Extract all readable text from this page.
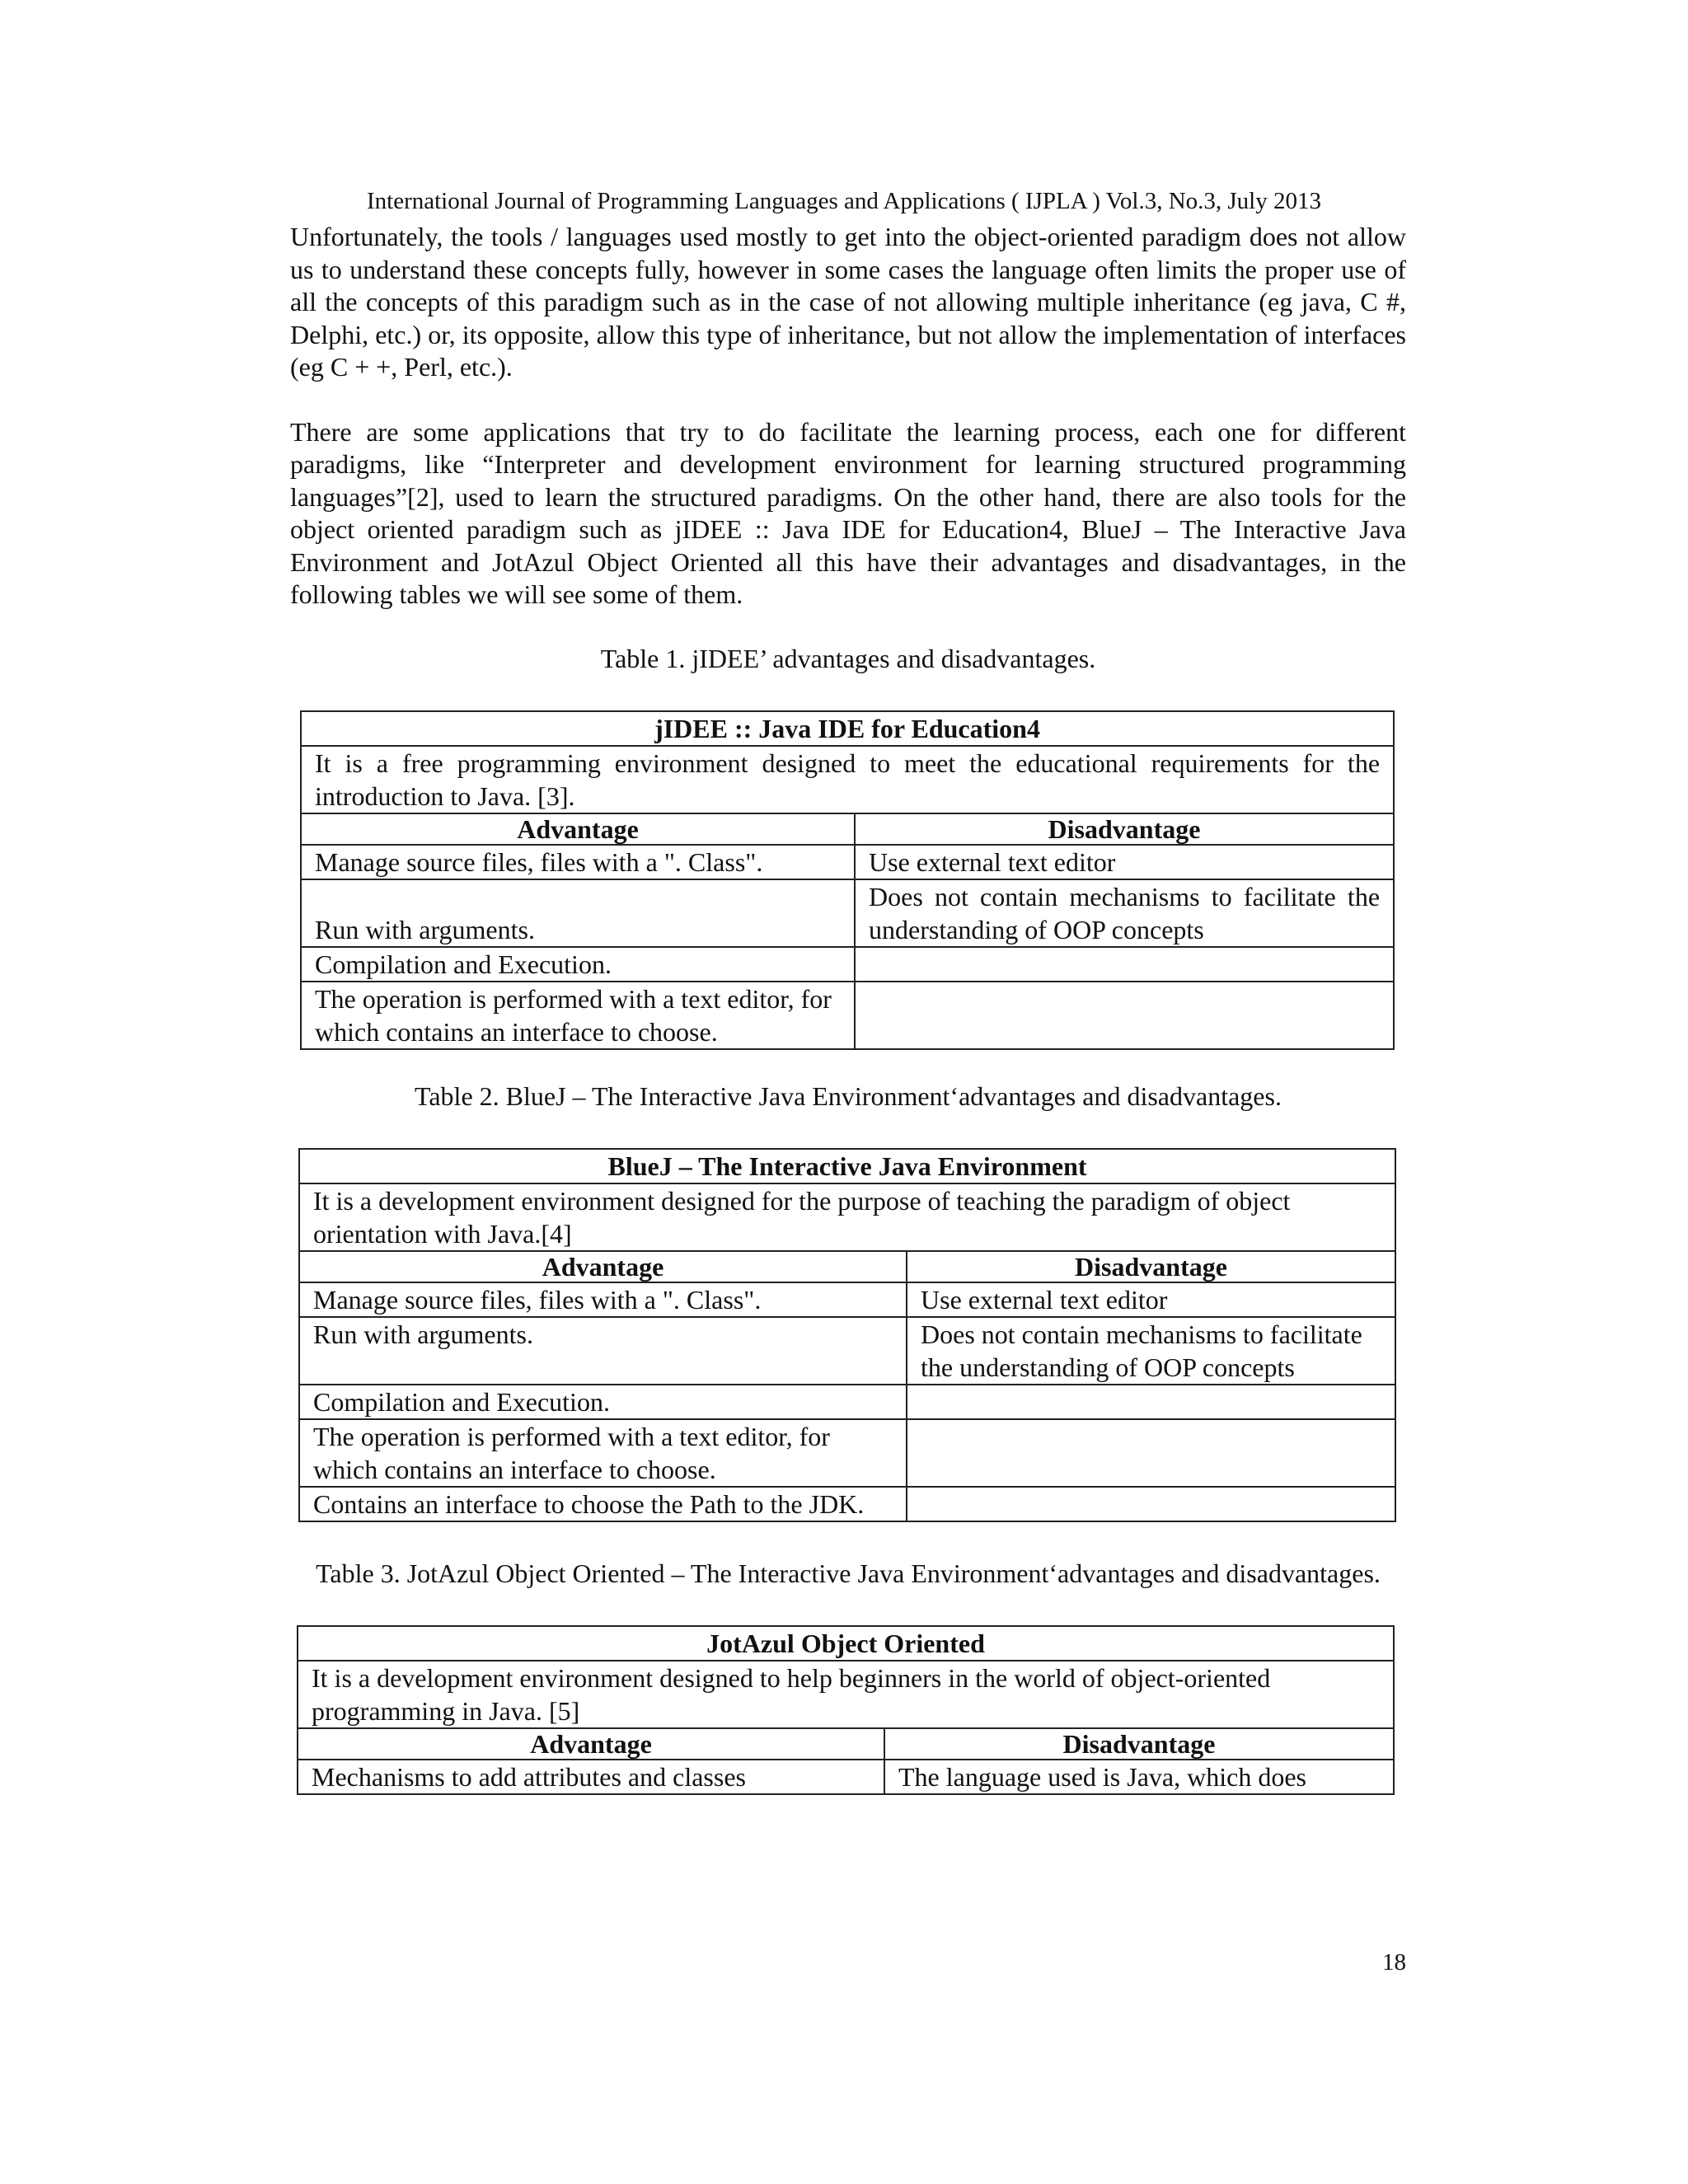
International Journal of Programming Languages and Applications ( IJPLA ) Vol.3, No.3, July 2013

Unfortunately, the tools / languages used mostly to get into the object-oriented paradigm does not allow us to understand these concepts fully, however in some cases the language often limits the proper use of all the concepts of this paradigm such as in the case of not allowing multiple inheritance (eg java, C #, Delphi, etc.) or, its opposite, allow this type of inheritance, but not allow the implementation of interfaces (eg C + +, Perl, etc.).

There are some applications that try to do facilitate the learning process, each one for different paradigms, like “Interpreter and development environment for learning structured programming languages”[2], used to learn the structured paradigms. On the other hand, there are also tools for the object oriented paradigm such as jIDEE :: Java IDE for Education4, BlueJ – The Interactive Java Environment and JotAzul Object Oriented all this have their advantages and disadvantages, in the following tables we will see some of them.

Table 1. jIDEE’ advantages and disadvantages.

jIDEE :: Java IDE for Education4	
It is a free programming environment designed to meet the educational requirements for the introduction to Java. [3].	
Advantage	Disadvantage
Manage source files, files with a ". Class".	Use external text editor
Run with arguments.	Does not contain mechanisms to facilitate the understanding of OOP concepts
Compilation and Execution.	
The operation is performed with a text editor, for which contains an interface to choose.	

Table 2. BlueJ – The Interactive Java Environment‘advantages and disadvantages.

BlueJ – The Interactive Java Environment	
It is a development environment designed for the purpose of teaching the paradigm of object orientation with Java.[4]	
Advantage	Disadvantage
Manage source files, files with a ". Class".	Use external text editor
Run with arguments.	Does not contain mechanisms to facilitate the understanding of OOP concepts
Compilation and Execution.	
The operation is performed with a text editor, for which contains an interface to choose.	
Contains an interface to choose the Path to the JDK.	

Table 3. JotAzul Object Oriented – The Interactive Java Environment‘advantages and disadvantages.

JotAzul Object Oriented	
It is a development environment designed to help beginners in the world of object-oriented programming in Java. [5]	
Advantage	Disadvantage
Mechanisms to add attributes and classes	The language used is Java, which does
18
